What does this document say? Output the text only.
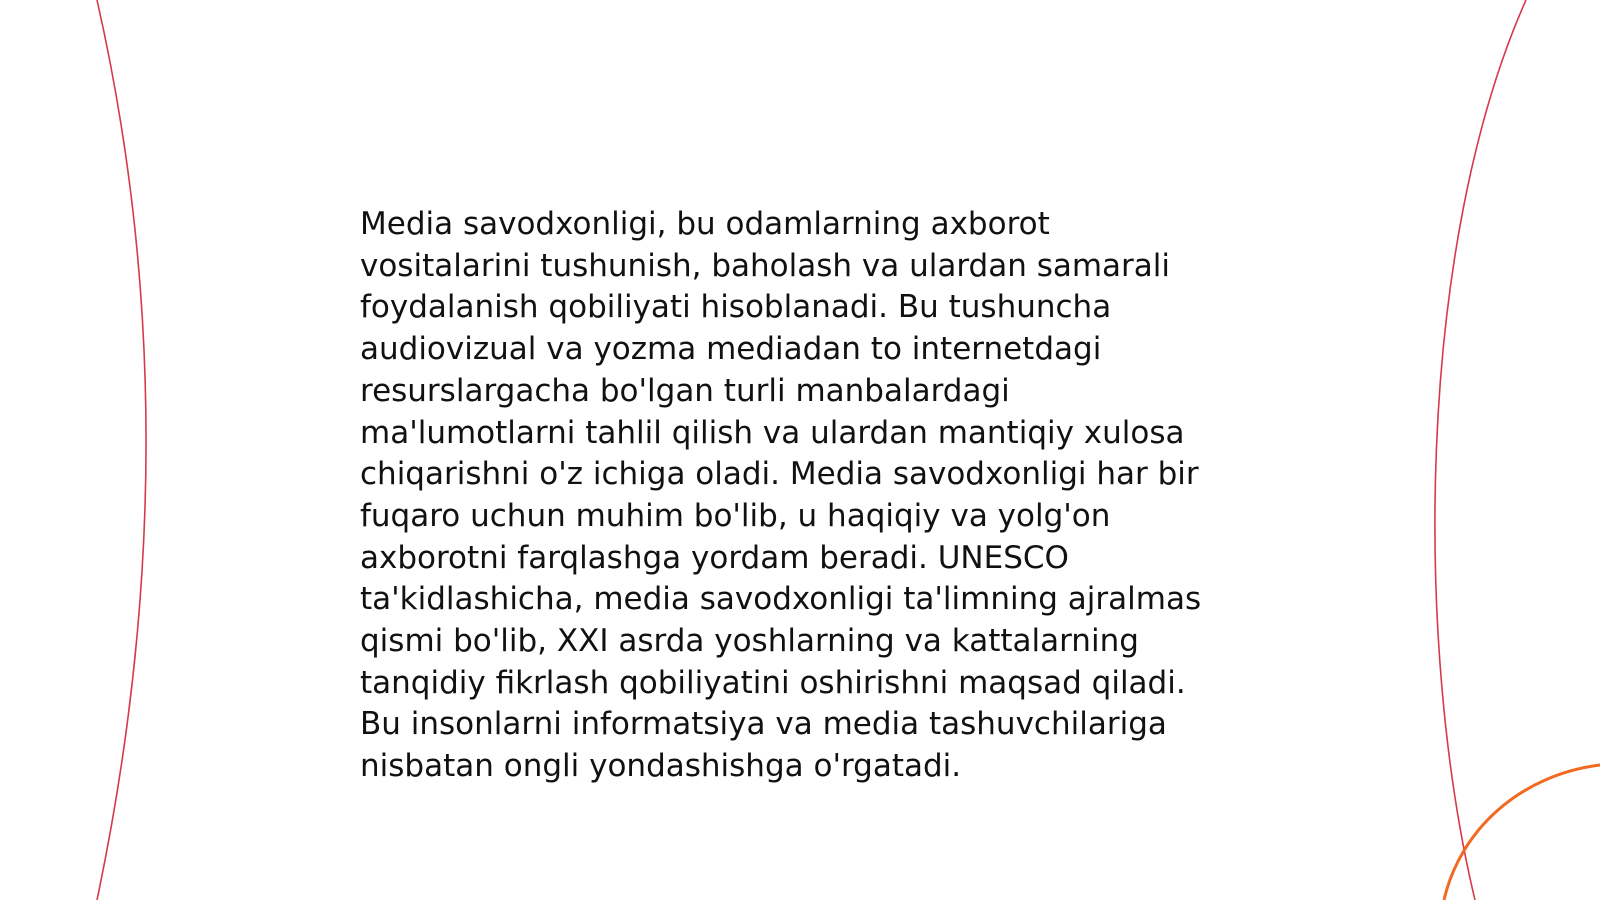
Media savodxonligi, bu odamlarning axborot
vositalarini tushunish, baholash va ulardan samarali
foydalanish qobiliyati hisoblanadi. Bu tushuncha
audiovizual va yozma mediadan to internetdagi
resurslargacha bo'lgan turli manbalardagi
ma'lumotlarni tahlil qilish va ulardan mantiqiy xulosa
chiqarishni o'z ichiga oladi. Media savodxonligi har bir
fuqaro uchun muhim bo'lib, u haqiqiy va yolg'on
axborotni farqlashga yordam beradi. UNESCO
ta'kidlashicha, media savodxonligi ta'limning ajralmas
qismi bo'lib, XXI asrda yoshlarning va kattalarning
tanqidiy fikrlash qobiliyatini oshirishni maqsad qiladi.
Bu insonlarni informatsiya va media tashuvchilariga
nisbatan ongli yondashishga o'rgatadi.
